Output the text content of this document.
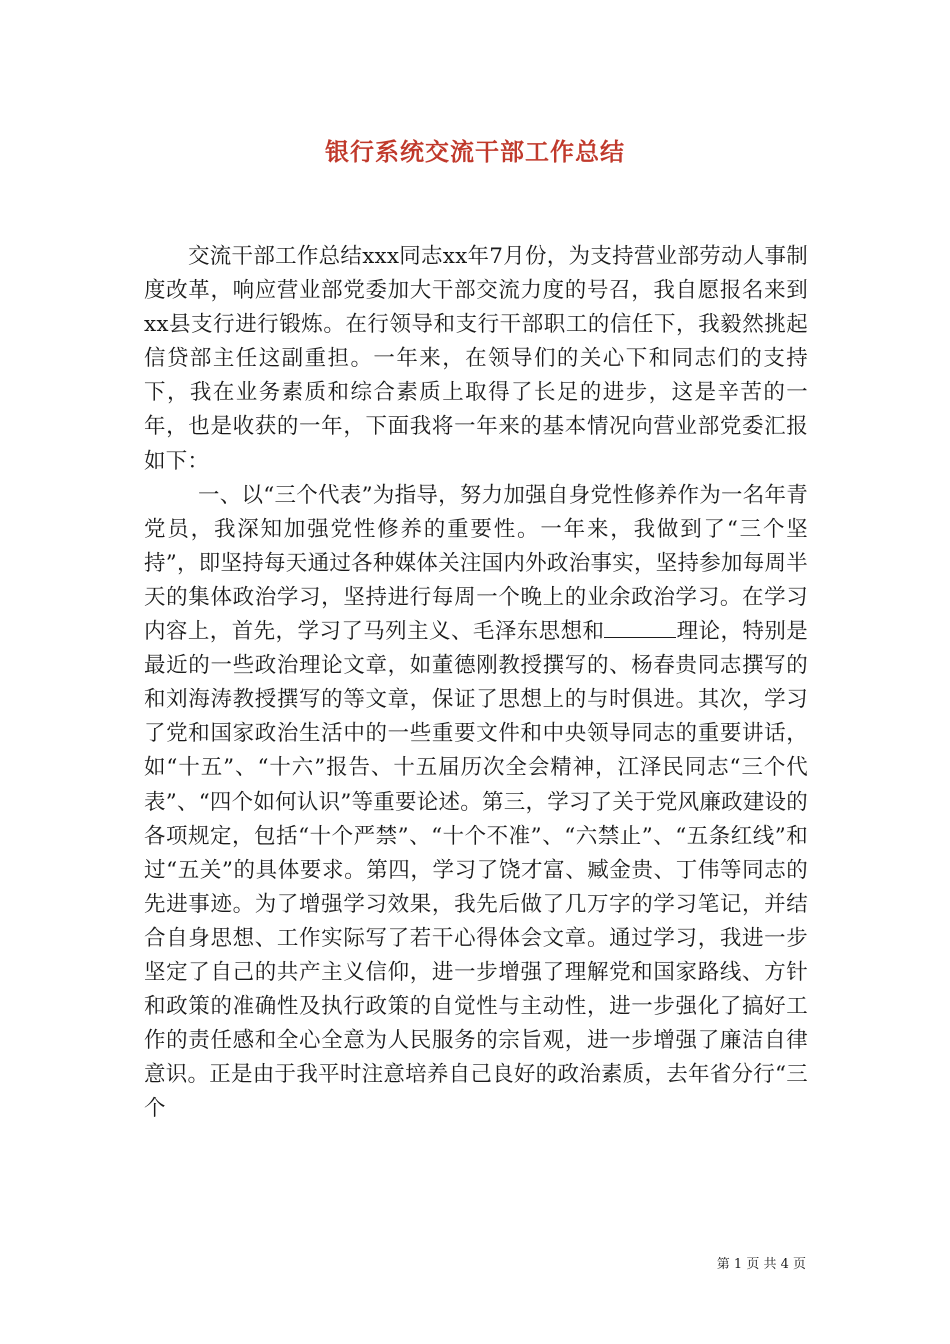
银行系统交流干部工作总结

交流干部工作总结xxx同志xx年7月份，为支持营业部劳动人事制度改革，响应营业部党委加大干部交流力度的号召，我自愿报名来到xx县支行进行锻炼。在行领导和支行干部职工的信任下，我毅然挑起信贷部主任这副重担。一年来，在领导们的关心下和同志们的支持下，我在业务素质和综合素质上取得了长足的进步，这是辛苦的一年，也是收获的一年，下面我将一年来的基本情况向营业部党委汇报如下：

一、以“三个代表”为指导，努力加强自身党性修养作为一名年青党员，我深知加强党性修养的重要性。一年来，我做到了“三个坚持”，即坚持每天通过各种媒体关注国内外政治事实，坚持参加每周半天的集体政治学习，坚持进行每周一个晚上的业余政治学习。在学习内容上，首先，学习了马列主义、毛泽东思想和	理论，特别是最近的一些政治理论文章，如董德刚教授撰写的、杨春贵同志撰写的和刘海涛教授撰写的等文章，保证了思想上的与时俱进。其次，学习了党和国家政治生活中的一些重要文件和中央领导同志的重要讲话，如“十五”、“十六”报告、十五届历次全会精神，江泽民同志“三个代表”、“四个如何认识”等重要论述。第三，学习了关于党风廉政建设的各项规定，包括“十个严禁”、“十个不准”、“六禁止”、“五条红线”和过“五关”的具体要求。第四，学习了饶才富、臧金贵、丁伟等同志的先进事迹。为了增强学习效果，我先后做了几万字的学习笔记，并结合自身思想、工作实际写了若干心得体会文章。通过学习，我进一步坚定了自己的共产主义信仰，进一步增强了理解党和国家路线、方针和政策的准确性及执行政策的自觉性与主动性，进一步强化了搞好工作的责任感和全心全意为人民服务的宗旨观，进一步增强了廉洁自律意识。正是由于我平时注意培养自己良好的政治素质，去年省分行“三个

第 1 页 共 4 页
